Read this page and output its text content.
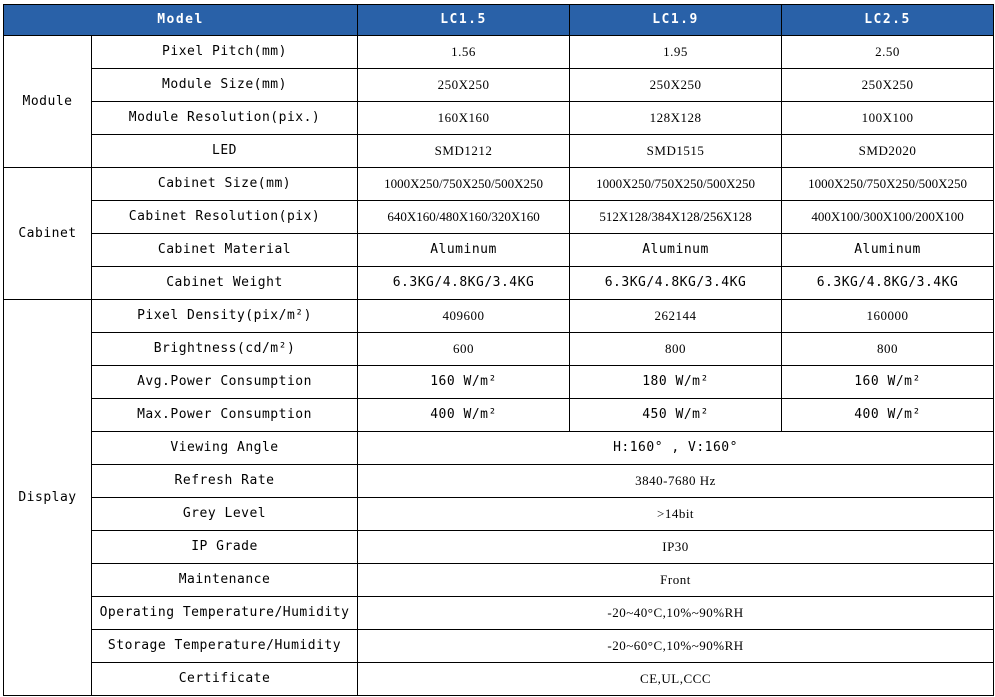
Model		LC1.5	LC1.9	LC2.5
Module	Pixel Pitch(mm)	1.56	1.95	2.50
	Module Size(mm)	250X250	250X250	250X250
	Module Resolution(pix.)	160X160	128X128	100X100
	LED	SMD1212	SMD1515	SMD2020
Cabinet	Cabinet Size(mm)	1000X250/750X250/500X250	1000X250/750X250/500X250	1000X250/750X250/500X250
	Cabinet Resolution(pix)	640X160/480X160/320X160	512X128/384X128/256X128	400X100/300X100/200X100
	Cabinet Material	Aluminum	Aluminum	Aluminum
	Cabinet Weight	6.3KG/4.8KG/3.4KG	6.3KG/4.8KG/3.4KG	6.3KG/4.8KG/3.4KG
Display	Pixel Density(pix/m²)	409600	262144	160000
	Brightness(cd/m²)	600	800	800
	Avg.Power Consumption	160 W/m²	180 W/m²	160 W/m²
	Max.Power Consumption	400 W/m²	450 W/m²	400 W/m²
	Viewing Angle	H:160° , V:160°		
	Refresh Rate	3840-7680 Hz		
	Grey Level	>14bit		
	IP Grade	IP30		
	Maintenance	Front		
	Operating Temperature/Humidity	-20~40°C,10%~90%RH		
	Storage Temperature/Humidity	-20~60°C,10%~90%RH		
	Certificate	CE,UL,CCC		
